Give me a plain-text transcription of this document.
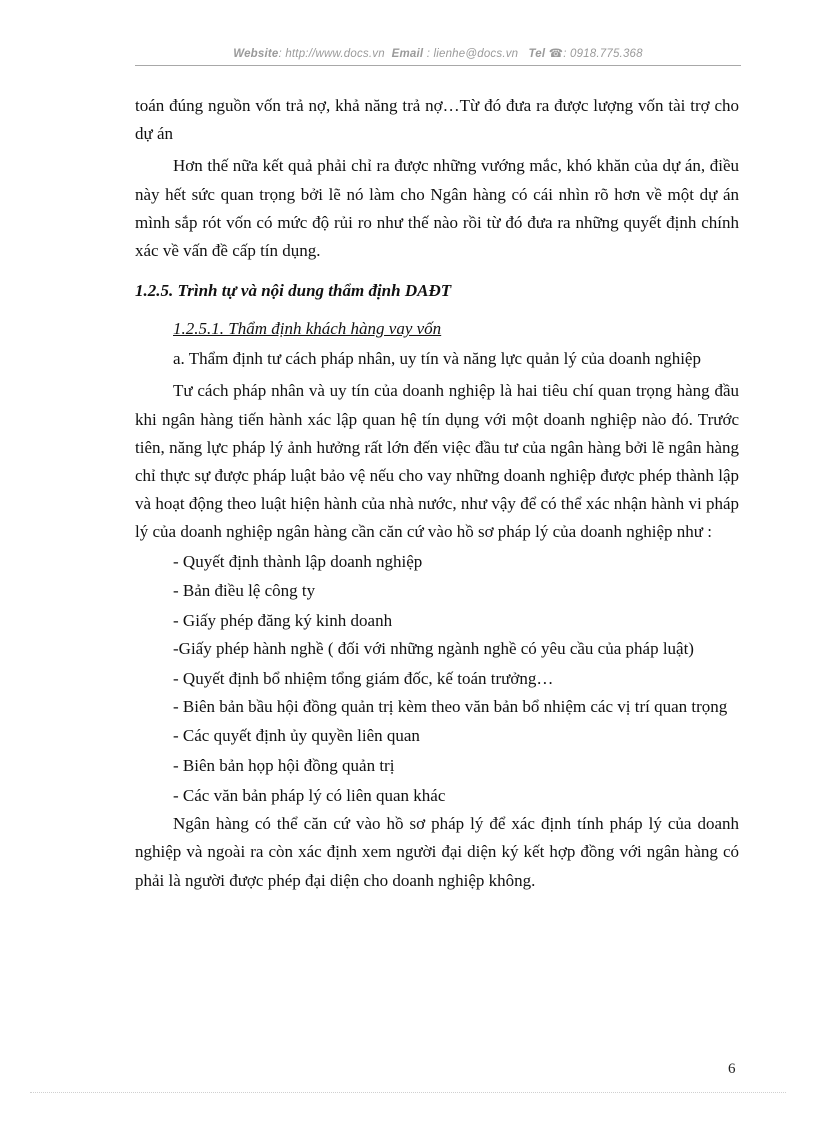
Website: http://www.docs.vn Email : lienhe@docs.vn Tel ☎: 0918.775.368

toán đúng nguồn vốn trả nợ, khả năng trả nợ…Từ đó đưa ra được lượng vốn tài trợ cho dự án

Hơn thế nữa kết quả phải chỉ ra được những vướng mắc, khó khăn của dự án, điều này hết sức quan trọng bởi lẽ nó làm cho Ngân hàng có cái nhìn rõ hơn về một dự án mình sắp rót vốn có mức độ rủi ro như thế nào rồi từ đó đưa ra những quyết định chính xác về vấn đề cấp tín dụng.

1.2.5. Trình tự và nội dung thẩm định DAĐT

1.2.5.1. Thẩm định khách hàng vay vốn

a. Thẩm định tư cách pháp nhân, uy tín và năng lực quản lý của doanh nghiệp

Tư cách pháp nhân và uy tín của doanh nghiệp là hai tiêu chí quan trọng hàng đầu khi ngân hàng tiến hành xác lập quan hệ tín dụng với một doanh nghiệp nào đó. Trước tiên, năng lực pháp lý ảnh hưởng rất lớn đến việc đầu tư của ngân hàng bởi lẽ ngân hàng chỉ thực sự được pháp luật bảo vệ nếu cho vay những doanh nghiệp được phép thành lập và hoạt động theo luật hiện hành của nhà nước, như vậy để có thể xác nhận hành vi pháp lý của doanh nghiệp ngân hàng cần căn cứ vào hồ sơ pháp lý của doanh nghiệp như :

- Quyết định thành lập doanh nghiệp

- Bản điều lệ công ty

- Giấy phép đăng ký kinh doanh

-Giấy phép hành nghề ( đối với những ngành nghề có yêu cầu của pháp luật)

- Quyết định bổ nhiệm tổng giám đốc, kế toán trưởng…

- Biên bản bầu hội đồng quản trị kèm theo văn bản bổ nhiệm các vị trí quan trọng

- Các quyết định ủy quyền liên quan

- Biên bản họp hội đồng quản trị

- Các văn bản pháp lý có liên quan khác

Ngân hàng có thể căn cứ vào hồ sơ pháp lý để xác định tính pháp lý của doanh nghiệp và ngoài ra còn xác định xem người đại diện ký kết hợp đồng với ngân hàng có phải là người được phép đại diện cho doanh nghiệp không.

6
